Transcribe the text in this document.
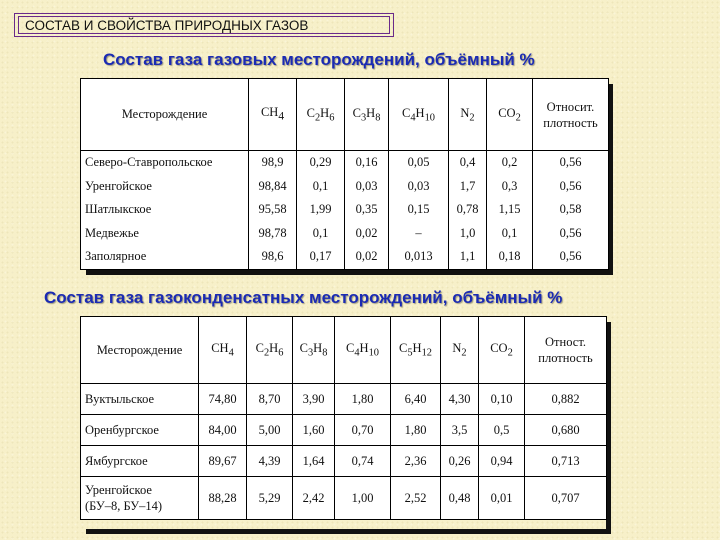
СОСТАВ И СВОЙСТВА ПРИРОДНЫХ ГАЗОВ
Состав газа газовых месторождений, объёмный %
Месторождение	$CH_4$	$C_2H_6$	$C_3H_8$	$C_4H_{10}$	$N_2$	$CO_2$	Относит.
плотность
Северо-Ставропольское	98,9	0,29	0,16	0,05	0,4	0,2	0,56
Уренгойское	98,84	0,1	0,03	0,03	1,7	0,3	0,56
Шатлыкское	95,58	1,99	0,35	0,15	0,78	1,15	0,58
Медвежье	98,78	0,1	0,02	–	1,0	0,1	0,56
Заполярное	98,6	0,17	0,02	0,013	1,1	0,18	0,56
Состав газа газоконденсатных месторождений, объёмный %
Месторождение	$CH_4$	$C_2H_6$	$C_3H_8$	$C_4H_{10}$	$C_5H_{12}$	$N_2$	$CO_2$	Отност.
плотность
Вуктыльское	74,80	8,70	3,90	1,80	6,40	4,30	0,10	0,882
Оренбургское	84,00	5,00	1,60	0,70	1,80	3,5	0,5	0,680
Ямбургское	89,67	4,39	1,64	0,74	2,36	0,26	0,94	0,713
Уренгойское
(БУ–8, БУ–14)	88,28	5,29	2,42	1,00	2,52	0,48	0,01	0,707
